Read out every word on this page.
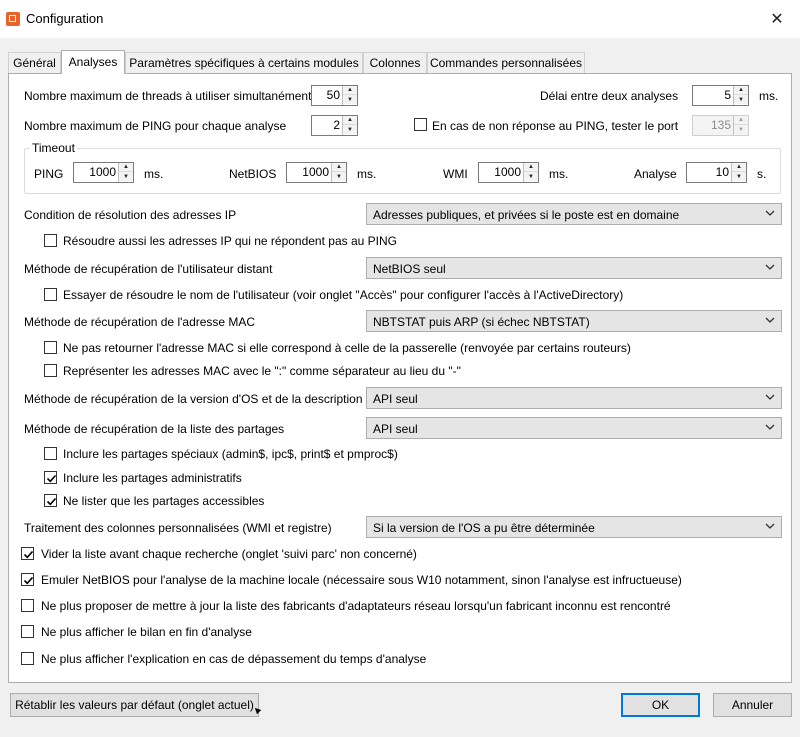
Configuration	✕
Général	Analyses Paramètres spécifiques à certains modules Colonnes Commandes personnalisées
Nombre maximum de threads à utiliser simultanément 50	▲
▼	Délai entre deux analyses	5	▲
▼	ms.
Nombre maximum de PING pour chaque analyse	2	▲
▼	En cas de non réponse au PING, tester le port	135	▲
▼
Timeout
PING 1000	▲
▼	ms.	NetBIOS 1000	▲
▼	ms.	WMI 1000	▲
▼	ms.	Analyse	10	▲
▼	s.
Condition de résolution des adresses IP	Adresses publiques, et privées si le poste est en domaine
Résoudre aussi les adresses IP qui ne répondent pas au PING
Méthode de récupération de l'utilisateur distant	NetBIOS seul
Essayer de résoudre le nom de l'utilisateur (voir onglet "Accès" pour configurer l'accès à l'ActiveDirectory)
Méthode de récupération de l'adresse MAC	NBTSTAT puis ARP (si échec NBTSTAT)
Ne pas retourner l'adresse MAC si elle correspond à celle de la passerelle (renvoyée par certains routeurs)
Représenter les adresses MAC avec le ":" comme séparateur au lieu du "-"
Méthode de récupération de la version d'OS et de la description API seul
Méthode de récupération de la liste des partages	API seul
Inclure les partages spéciaux (admin$, ipc$, print$ et pmproc$)
Inclure les partages administratifs
Ne lister que les partages accessibles
Traitement des colonnes personnalisées (WMI et registre)	Si la version de l'OS a pu être déterminée
Vider la liste avant chaque recherche (onglet 'suivi parc' non concerné)
Emuler NetBIOS pour l'analyse de la machine locale (nécessaire sous W10 notamment, sinon l'analyse est infructueuse)
Ne plus proposer de mettre à jour la liste des fabricants d'adaptateurs réseau lorsqu'un fabricant inconnu est rencontré
Ne plus afficher le bilan en fin d'analyse
Ne plus afficher l'explication en cas de dépassement du temps d'analyse
Rétablir les valeurs par défaut (onglet actuel)	OK	Annuler
